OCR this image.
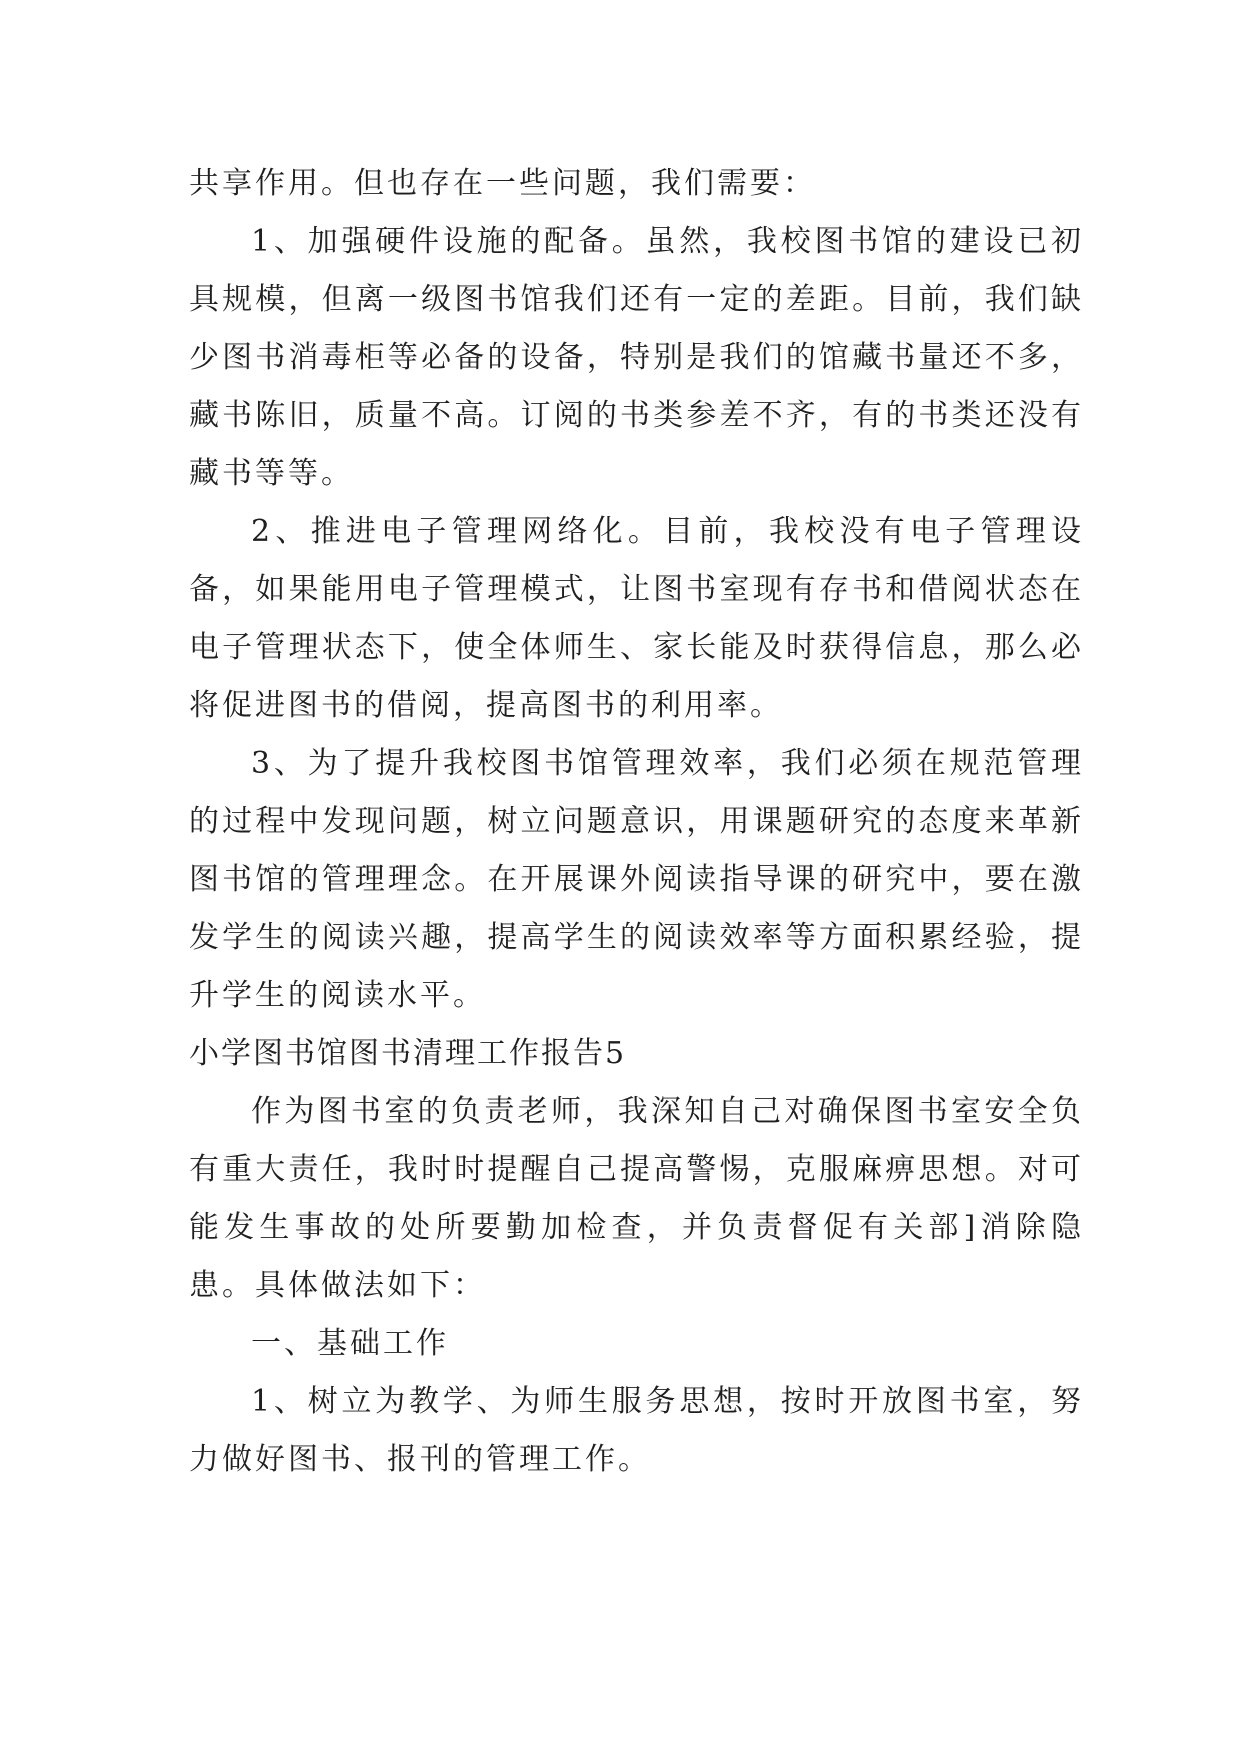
共享作用。但也存在一些问题，我们需要：

1、加强硬件设施的配备。虽然，我校图书馆的建设已初具规模，但离一级图书馆我们还有一定的差距。目前，我们缺少图书消毒柜等必备的设备，特别是我们的馆藏书量还不多，藏书陈旧，质量不高。订阅的书类参差不齐，有的书类还没有藏书等等。

2、推进电子管理网络化。目前，我校没有电子管理设备，如果能用电子管理模式，让图书室现有存书和借阅状态在电子管理状态下，使全体师生、家长能及时获得信息，那么必将促进图书的借阅，提高图书的利用率。

3、为了提升我校图书馆管理效率，我们必须在规范管理的过程中发现问题，树立问题意识，用课题研究的态度来革新图书馆的管理理念。在开展课外阅读指导课的研究中，要在激发学生的阅读兴趣，提高学生的阅读效率等方面积累经验，提升学生的阅读水平。

小学图书馆图书清理工作报告5

作为图书室的负责老师，我深知自己对确保图书室安全负有重大责任，我时时提醒自己提高警惕，克服麻痹思想。对可能发生事故的处所要勤加检查，并负责督促有关部]消除隐患。具体做法如下：

一、基础工作

1、树立为教学、为师生服务思想，按时开放图书室，努力做好图书、报刊的管理工作。
